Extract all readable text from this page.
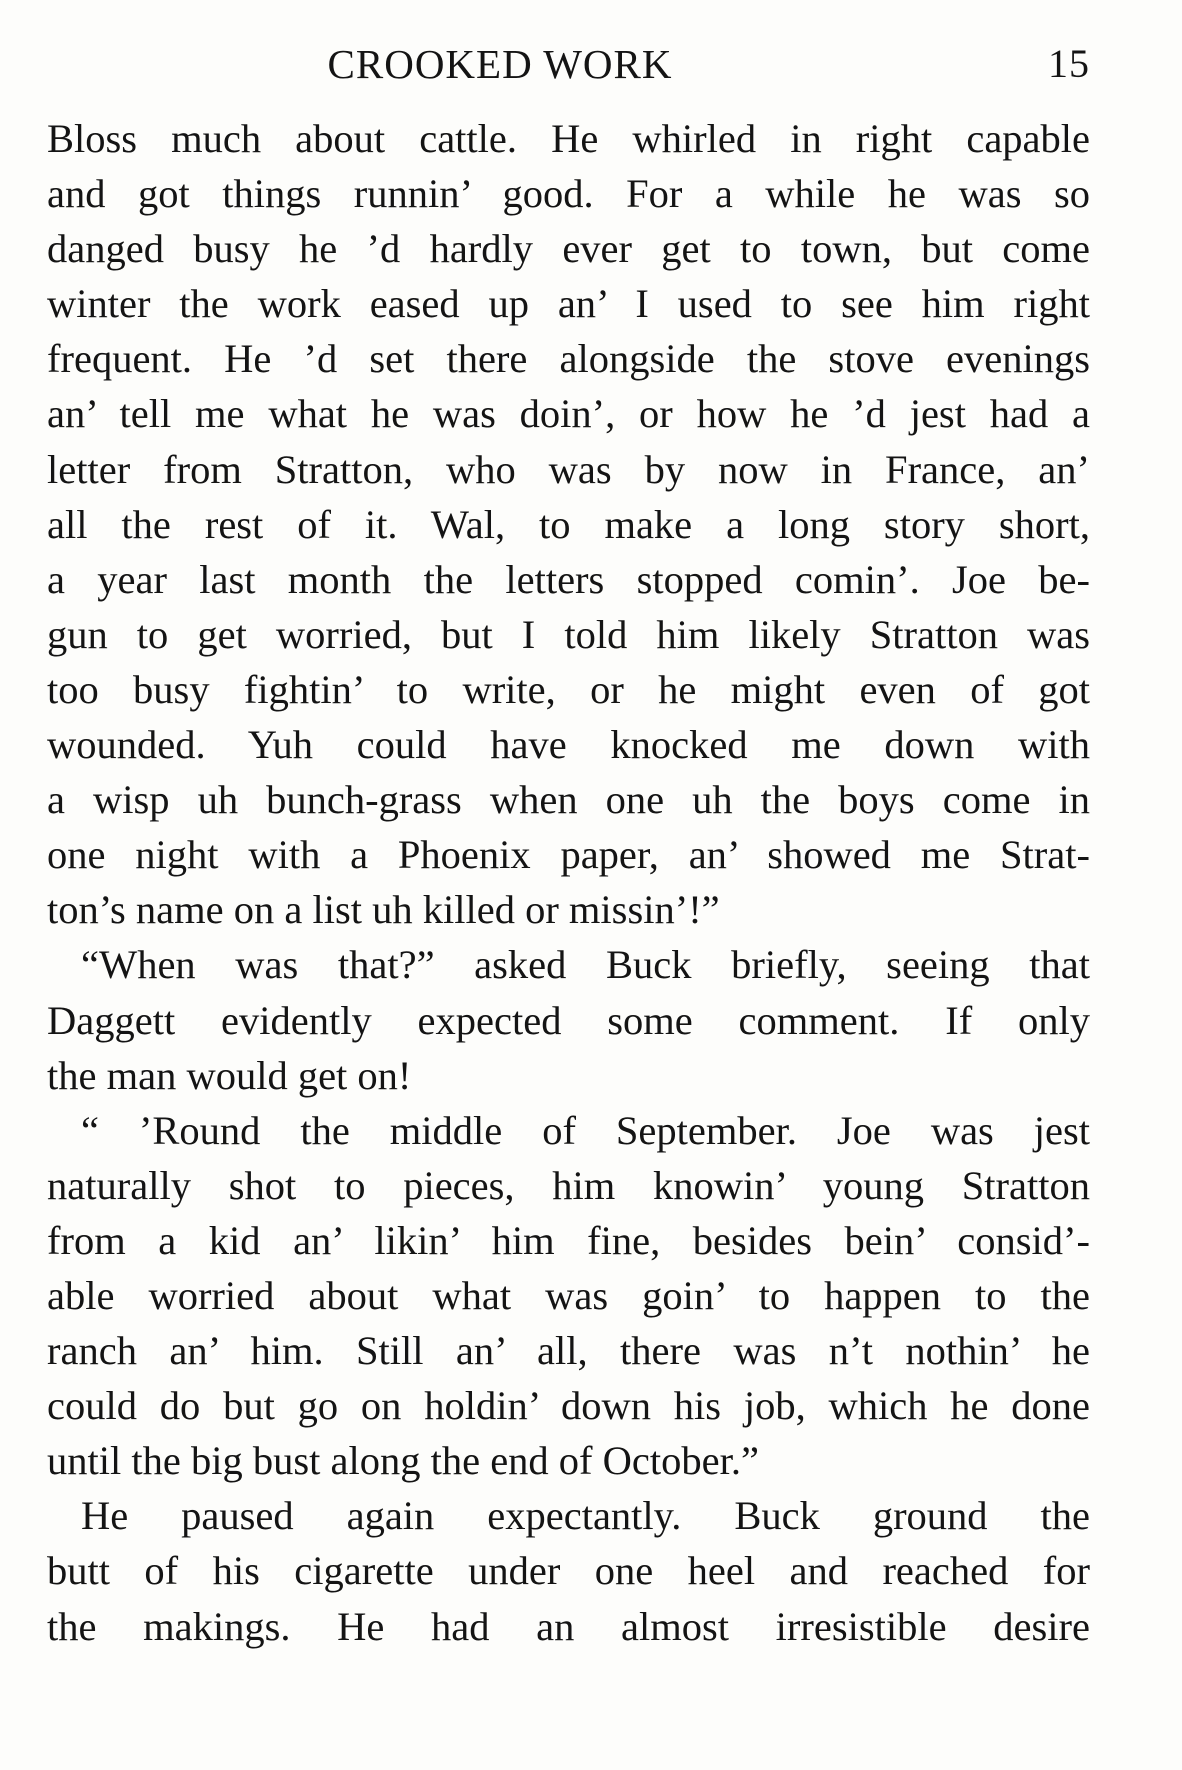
CROOKED WORK	15
Bloss much about cattle. He whirled in right capable
and got things runnin’ good. For a while he was so
danged busy he ’d hardly ever get to town, but come
winter the work eased up an’ I used to see him right
frequent. He ’d set there alongside the stove evenings
an’ tell me what he was doin’, or how he ’d jest had a
letter from Stratton, who was by now in France, an’
all the rest of it. Wal, to make a long story short,
a year last month the letters stopped comin’. Joe be-
gun to get worried, but I told him likely Stratton was
too busy fightin’ to write, or he might even of got
wounded. Yuh could have knocked me down with
a wisp uh bunch-grass when one uh the boys come in
one night with a Phoenix paper, an’ showed me Strat-
ton’s name on a list uh killed or missin’!”
“When was that?” asked Buck briefly, seeing that
Daggett evidently expected some comment. If only
the man would get on!
“ ’Round the middle of September. Joe was jest
naturally shot to pieces, him knowin’ young Stratton
from a kid an’ likin’ him fine, besides bein’ consid’-
able worried about what was goin’ to happen to the
ranch an’ him. Still an’ all, there was n’t nothin’ he
could do but go on holdin’ down his job, which he done
until the big bust along the end of October.”
He paused again expectantly. Buck ground the
butt of his cigarette under one heel and reached for
the makings. He had an almost irresistible desire
